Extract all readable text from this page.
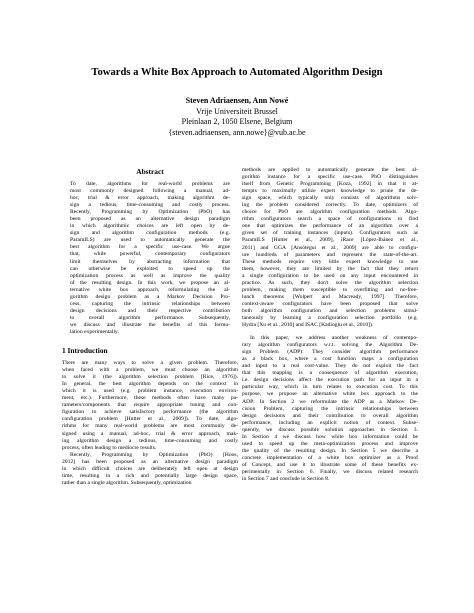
Towards a White Box Approach to Automated Algorithm Design
Steven Adriaensen, Ann Nowé
Vrije Universiteit Brussel
Pleinlaan 2, 1050 Elsene, Belgium
{steven.adriaensen, ann.nowe}@vub.ac.be
Abstract
To date, algorithms for real-world problems are
most commonly designed following a manual, ad-
hoc, trial & error approach, making algorithm de-
sign a tedious, time-consuming and costly process.
Recently, Programming by Optimization (PbO) has
been proposed as an alternative design paradigm
in which algorithmic choices are left open by de-
sign and algorithm configuration methods (e.g.
ParamILS) are used to automatically generate the
best algorithm for a specific use-case. We argue
that, while powerful, contemporary configurators
limit themselves by abstracting information that
can otherwise be exploited to speed up the
optimization process as well as improve the quality
of the resulting design. In this work, we propose an al-
ternative white box approach, reformulating the al-
gorithm design problem as a Markov Decision Pro-
cess, capturing the intrinsic relationships between
design decisions and their respective contribution
to overall algorithm performance. Subsequently,
we discuss and illustrate the benefits of this formu-
lation experimentally.
1 Introduction
There are many ways to solve a given problem. Therefore,
when faced with a problem, we must choose an algorithm
to solve it (the algorithm selection problem [Rice, 1976]).
In general, the best algorithm depends on the context in
which it is used (e.g. problem instance, execution environ-
ment, etc.). Furthermore, these methods often have many pa-
rameters/components that require appropriate tuning and con-
figuration to achieve satisfactory performance (the algorithm
configuration problem [Hutter et al., 2009]). To date, algo-
rithms for many real-world problems are most commonly de-
signed using a manual, ad-hoc, trial & error approach, mak-
ing algorithm design a tedious, time-consuming and costly
process, often leading to mediocre results.
Recently, Programming by Optimization (PbO) [Hoos,
2012] has been proposed as an alternative design paradigm
in which difficult choices are deliberately left open at design
time, resulting in a rich and potentially large design space,
rather than a single algorithm. Subsequently, optimization
methods are applied to automatically generate the best al-
gorithm instance for a specific use-case. PbO distinguishes
itself from Genetic Programming [Koza, 1992] in that it at-
tempts to maximally utilize expert knowledge to prune the de-
sign space, which typically only consists of algorithms solv-
ing the problem considered correctly. To date, optimizers of
choice for PbO are algorithm configuration methods. Algo-
rithm configurators search a space of configurations to find
one that optimizes the performance of an algorithm over a
given set of training instances (inputs). Configurators such as
ParamILS [Hutter et al., 2009], iRace [López-Ibánez et al.,
2011] and GGA [Ansótegui et al., 2009] are able to configu-
ure hundreds of parameters and represent the state-of-the-art.
These methods require very little expert knowledge to use
them, however, they are limited by the fact that they return
a single configuration to be used on any input encountered in
practice. As such, they don't solve the algorithm selection
problem, making them susceptible to overfitting and no-free-
lunch theorems [Wolpert and Macready, 1997]. Therefore,
context-aware configurators have been proposed that solve
both algorithm configuration and selection problems simul-
taneously by learning a configuration selection portfolio (e.g.
Hydra [Xu et al., 2010] and ISAC [Kadioglu et al., 2010]).
In this paper, we address another weakness of contempo-
rary algorithm configurators w.r.t. solving the Algorithm De-
sign Problem (ADP): They consider algorithm performance
as a black box, where a cost function maps a configuration
and input to a real cost-value. They do not exploit the fact
that this mapping is a consequence of algorithm execution,
i.e. design decisions affect the execution path for an input in a
particular way, which in turn relates to execution cost. To this
purpose, we propose an alternative white box approach to the
ADP: In Section 2 we reformulate the ADP as a Markov De-
cision Problem, capturing the intrinsic relationships between
design decisions and their contribution to overall algorithm
performance, including an explicit notion of context. Subse-
quently, we discuss possible solution approaches in Section 3.
In Section 4 we discuss how white box information could be
used to speed up the meta-optimization process and improve
the quality of the resulting design. In Section 5 we describe a
concrete implementation of a white box optimizer as a Proof
of Concept, and use it to illustrate some of these benefits ex-
perimentally in Section 6. Finally, we discuss related research
in Section 7 and conclude in Section 8.
